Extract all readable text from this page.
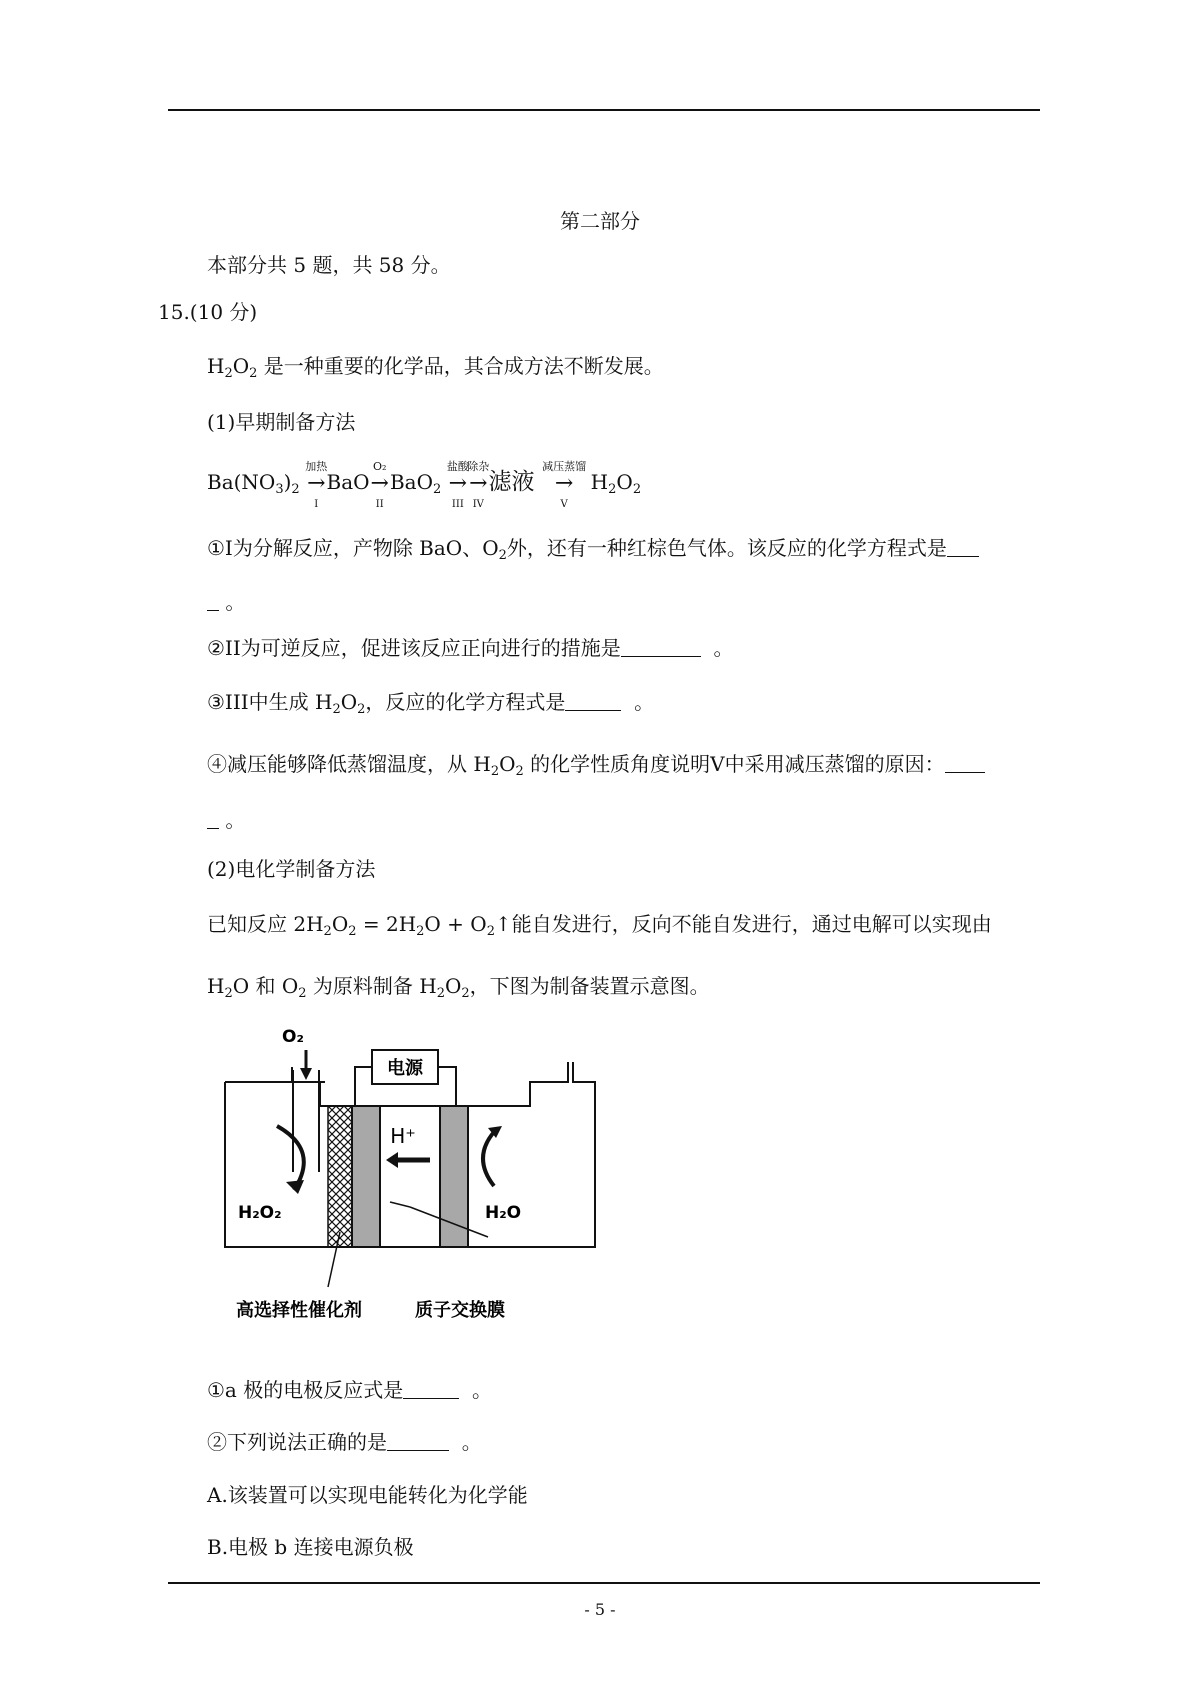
第二部分
本部分共 5 题，共 58 分。
15.(10 分)
$H_2O_2$ 是一种重要的化学品，其合成方法不断发展。
(1)早期制备方法
$Ba(NO_3)_2$
加热
→
I
BaO
O₂
→
II
BaO$_2$
盐酸
→
III
除杂
→
IV
滤液
减压蒸馏
→
V
$H_2O_2$
①I为分解反应，产物除 BaO、$O_2$外，还有一种红棕色气体。该反应的化学方程式是
。
②II为可逆反应，促进该反应正向进行的措施是	。
③III中生成 $H_2O_2$，反应的化学方程式是	。
④减压能够降低蒸馏温度，从 $H_2O_2$ 的化学性质角度说明V中采用减压蒸馏的原因：
。
(2)电化学制备方法
已知反应 $2H_2O_2 = 2H_2O$ + $O_2↑$能自发进行，反向不能自发进行，通过电解可以实现由
$H_2O$ 和 $O_2$ 为原料制备 $H_2O_2$，下图为制备装置示意图。
O₂
电源
H⁺
H₂O₂	H₂O
高选择性催化剂	质子交换膜
①a 极的电极反应式是	。
②下列说法正确的是	。
A.该装置可以实现电能转化为化学能
B.电极 b 连接电源负极
- 5 -
